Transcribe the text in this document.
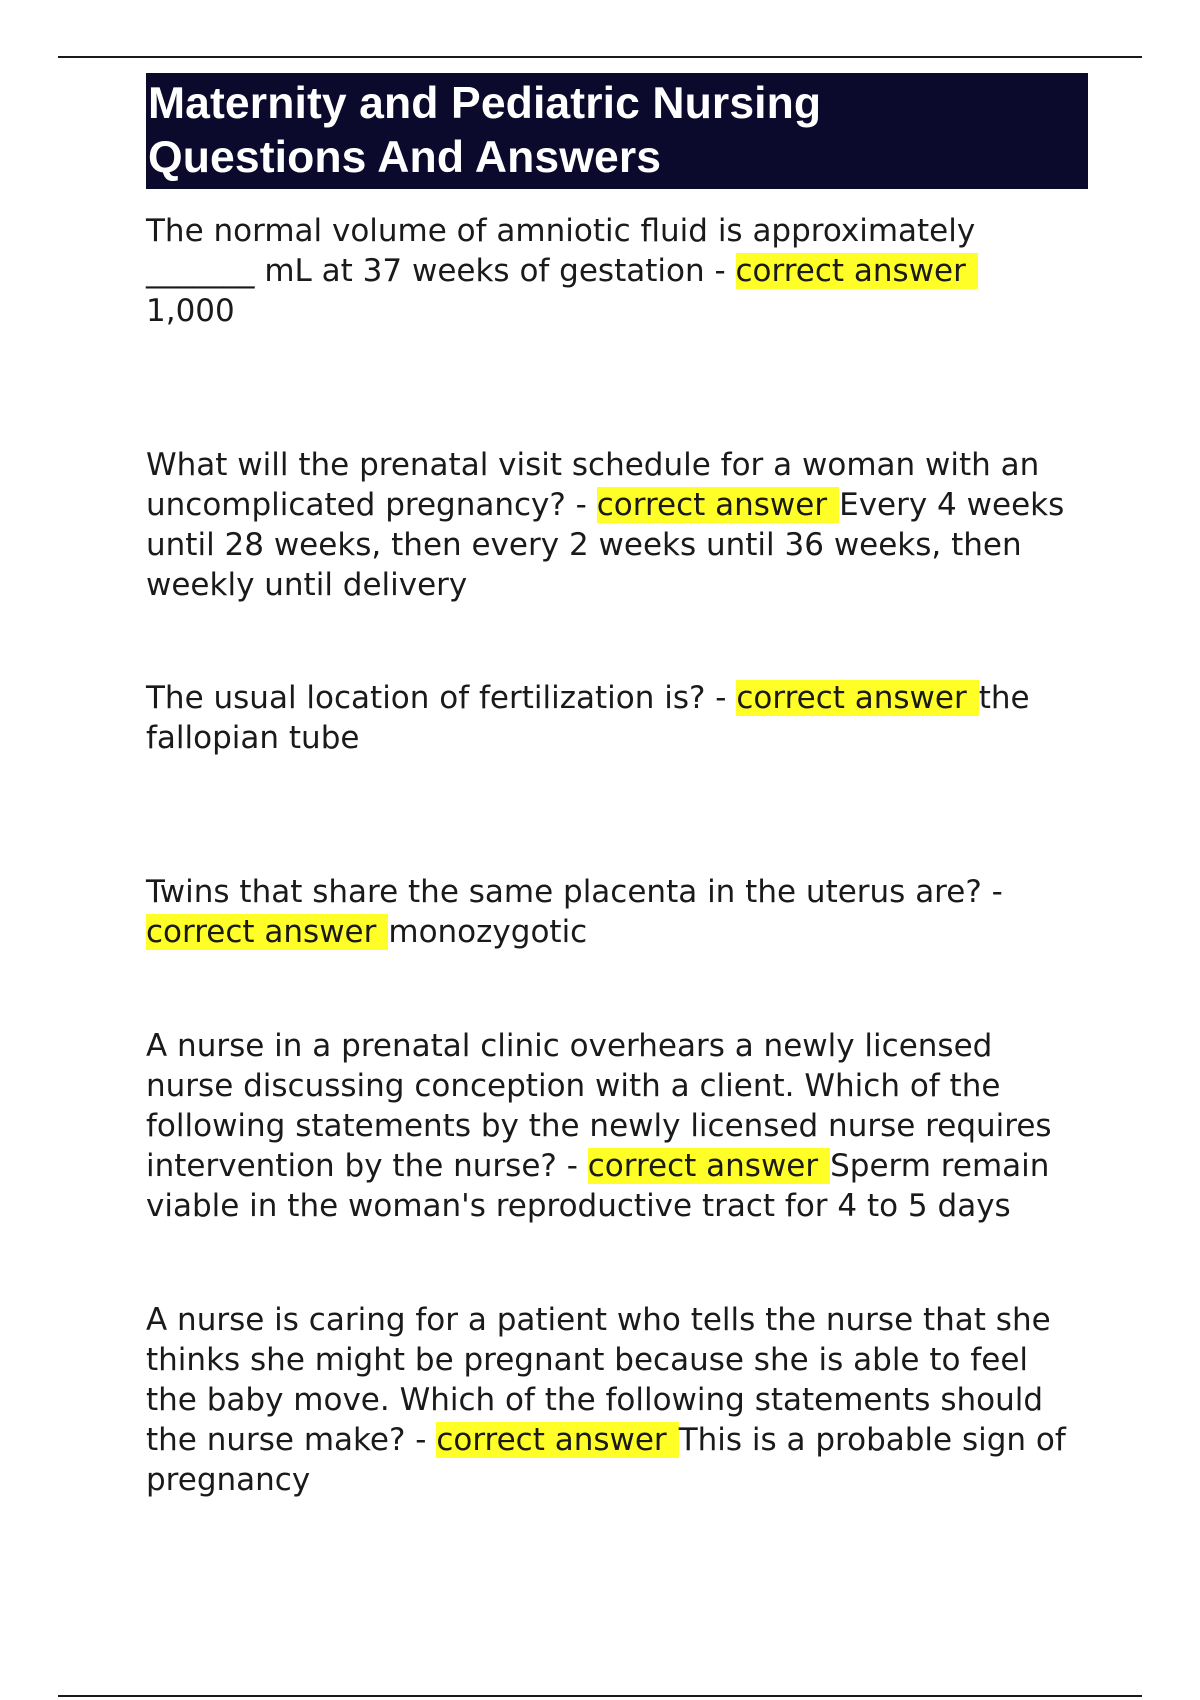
Maternity and Pediatric Nursing
Questions And Answers

The normal volume of amniotic fluid is approximately _______ mL at 37 weeks of gestation - correct answer
1,000

What will the prenatal visit schedule for a woman with an uncomplicated pregnancy? - correct answer Every 4 weeks until 28 weeks, then every 2 weeks until 36 weeks, then weekly until delivery

The usual location of fertilization is? - correct answer the fallopian tube

Twins that share the same placenta in the uterus are? -
correct answer monozygotic

A nurse in a prenatal clinic overhears a newly licensed nurse discussing conception with a client. Which of the following statements by the newly licensed nurse requires intervention by the nurse? - correct answer Sperm remain viable in the woman's reproductive tract for 4 to 5 days

A nurse is caring for a patient who tells the nurse that she thinks she might be pregnant because she is able to feel the baby move. Which of the following statements should the nurse make? - correct answer This is a probable sign of pregnancy
